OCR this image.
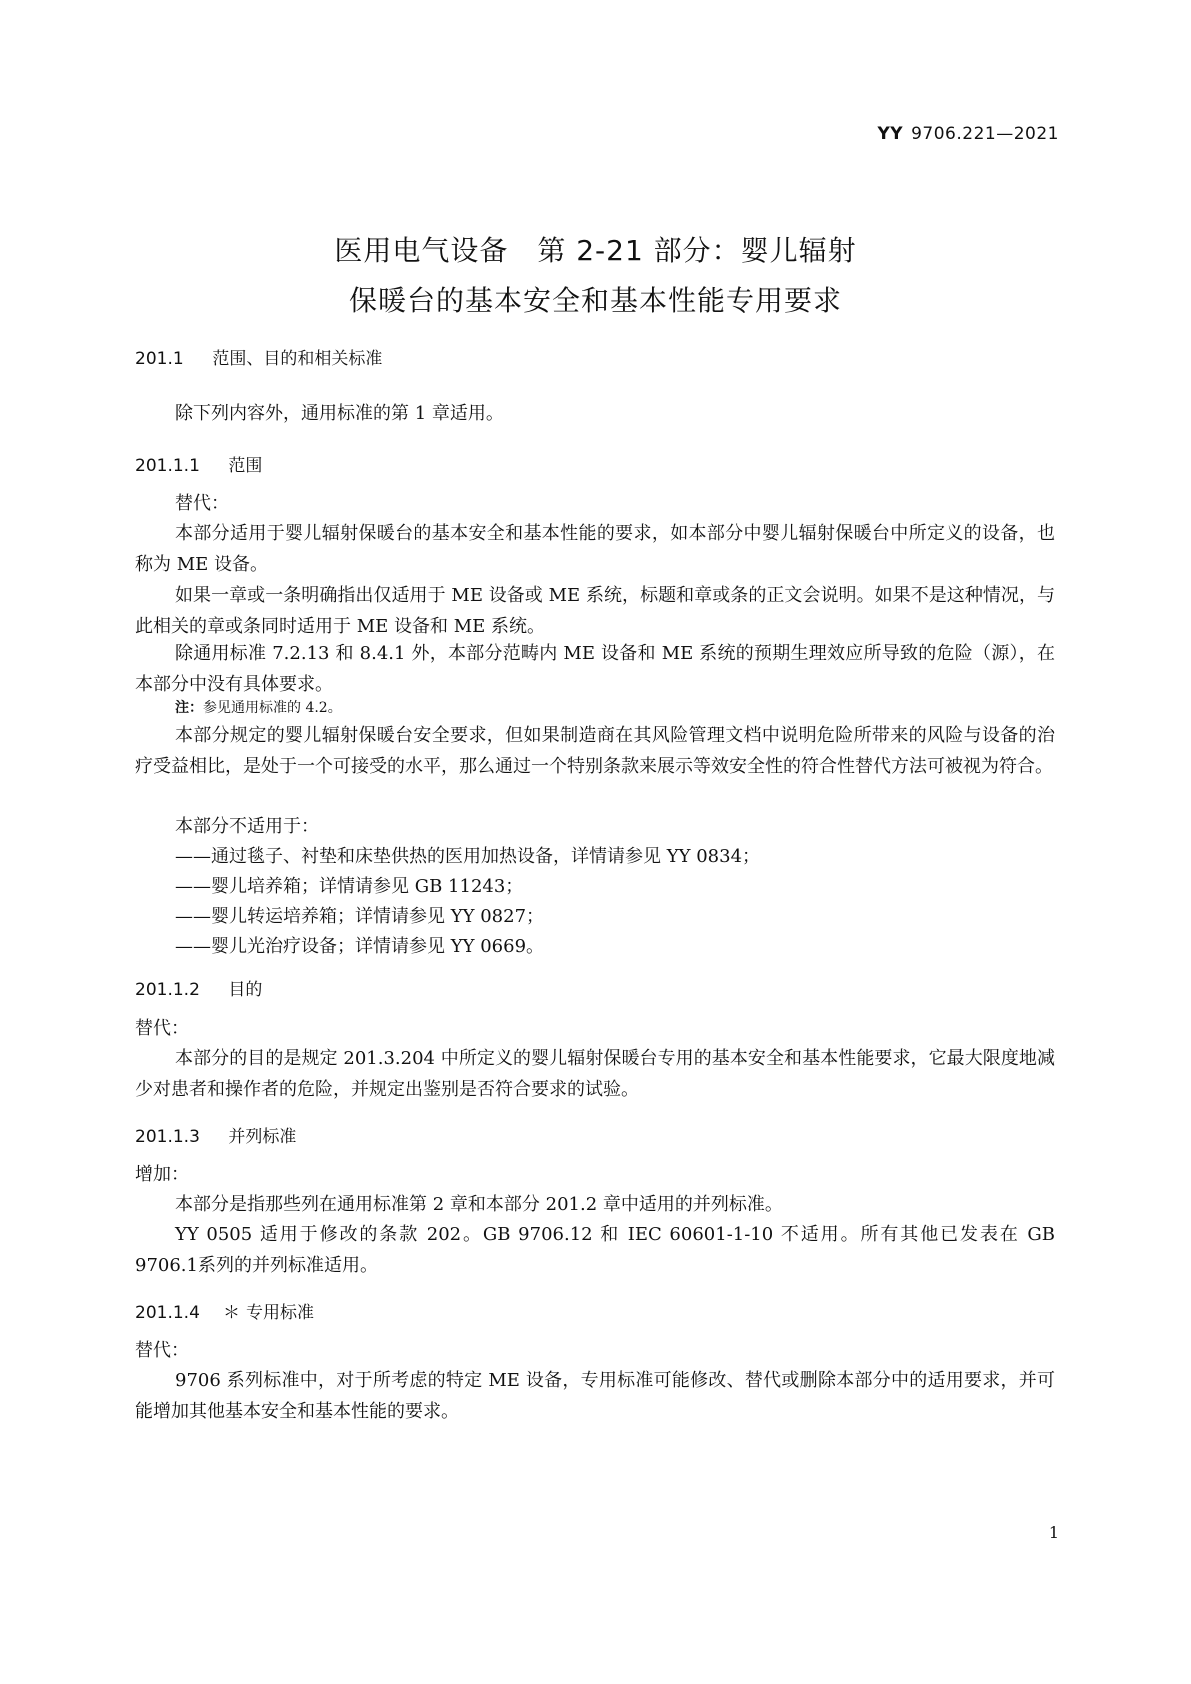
YY 9706.221—2021
医用电气设备　第 2-21 部分：婴儿辐射
保暖台的基本安全和基本性能专用要求
201.1 范围、目的和相关标准
除下列内容外，通用标准的第 1 章适用。
201.1.1 范围
替代：
本部分适用于婴儿辐射保暖台的基本安全和基本性能的要求，如本部分中婴儿辐射保暖台中所定义的设备，也称为 ME 设备。
如果一章或一条明确指出仅适用于 ME 设备或 ME 系统，标题和章或条的正文会说明。如果不是这种情况，与此相关的章或条同时适用于 ME 设备和 ME 系统。
除通用标准 7.2.13 和 8.4.1 外，本部分范畴内 ME 设备和 ME 系统的预期生理效应所导致的危险（源），在本部分中没有具体要求。
注：参见通用标准的 4.2。
本部分规定的婴儿辐射保暖台安全要求，但如果制造商在其风险管理文档中说明危险所带来的风险与设备的治疗受益相比，是处于一个可接受的水平，那么通过一个特别条款来展示等效安全性的符合性替代方法可被视为符合。
本部分不适用于：
——通过毯子、衬垫和床垫供热的医用加热设备，详情请参见 YY 0834；
——婴儿培养箱；详情请参见 GB 11243；
——婴儿转运培养箱；详情请参见 YY 0827；
——婴儿光治疗设备；详情请参见 YY 0669。
201.1.2 目的
替代：
本部分的目的是规定 201.3.204 中所定义的婴儿辐射保暖台专用的基本安全和基本性能要求，它最大限度地减少对患者和操作者的危险，并规定出鉴别是否符合要求的试验。
201.1.3 并列标准
增加：
本部分是指那些列在通用标准第 2 章和本部分 201.2 章中适用的并列标准。
YY 0505 适用于修改的条款 202。GB 9706.12 和 IEC 60601-1-10 不适用。所有其他已发表在 GB 9706.1系列的并列标准适用。
201.1.4 ＊ 专用标准
替代：
9706 系列标准中，对于所考虑的特定 ME 设备，专用标准可能修改、替代或删除本部分中的适用要求，并可能增加其他基本安全和基本性能的要求。
1
